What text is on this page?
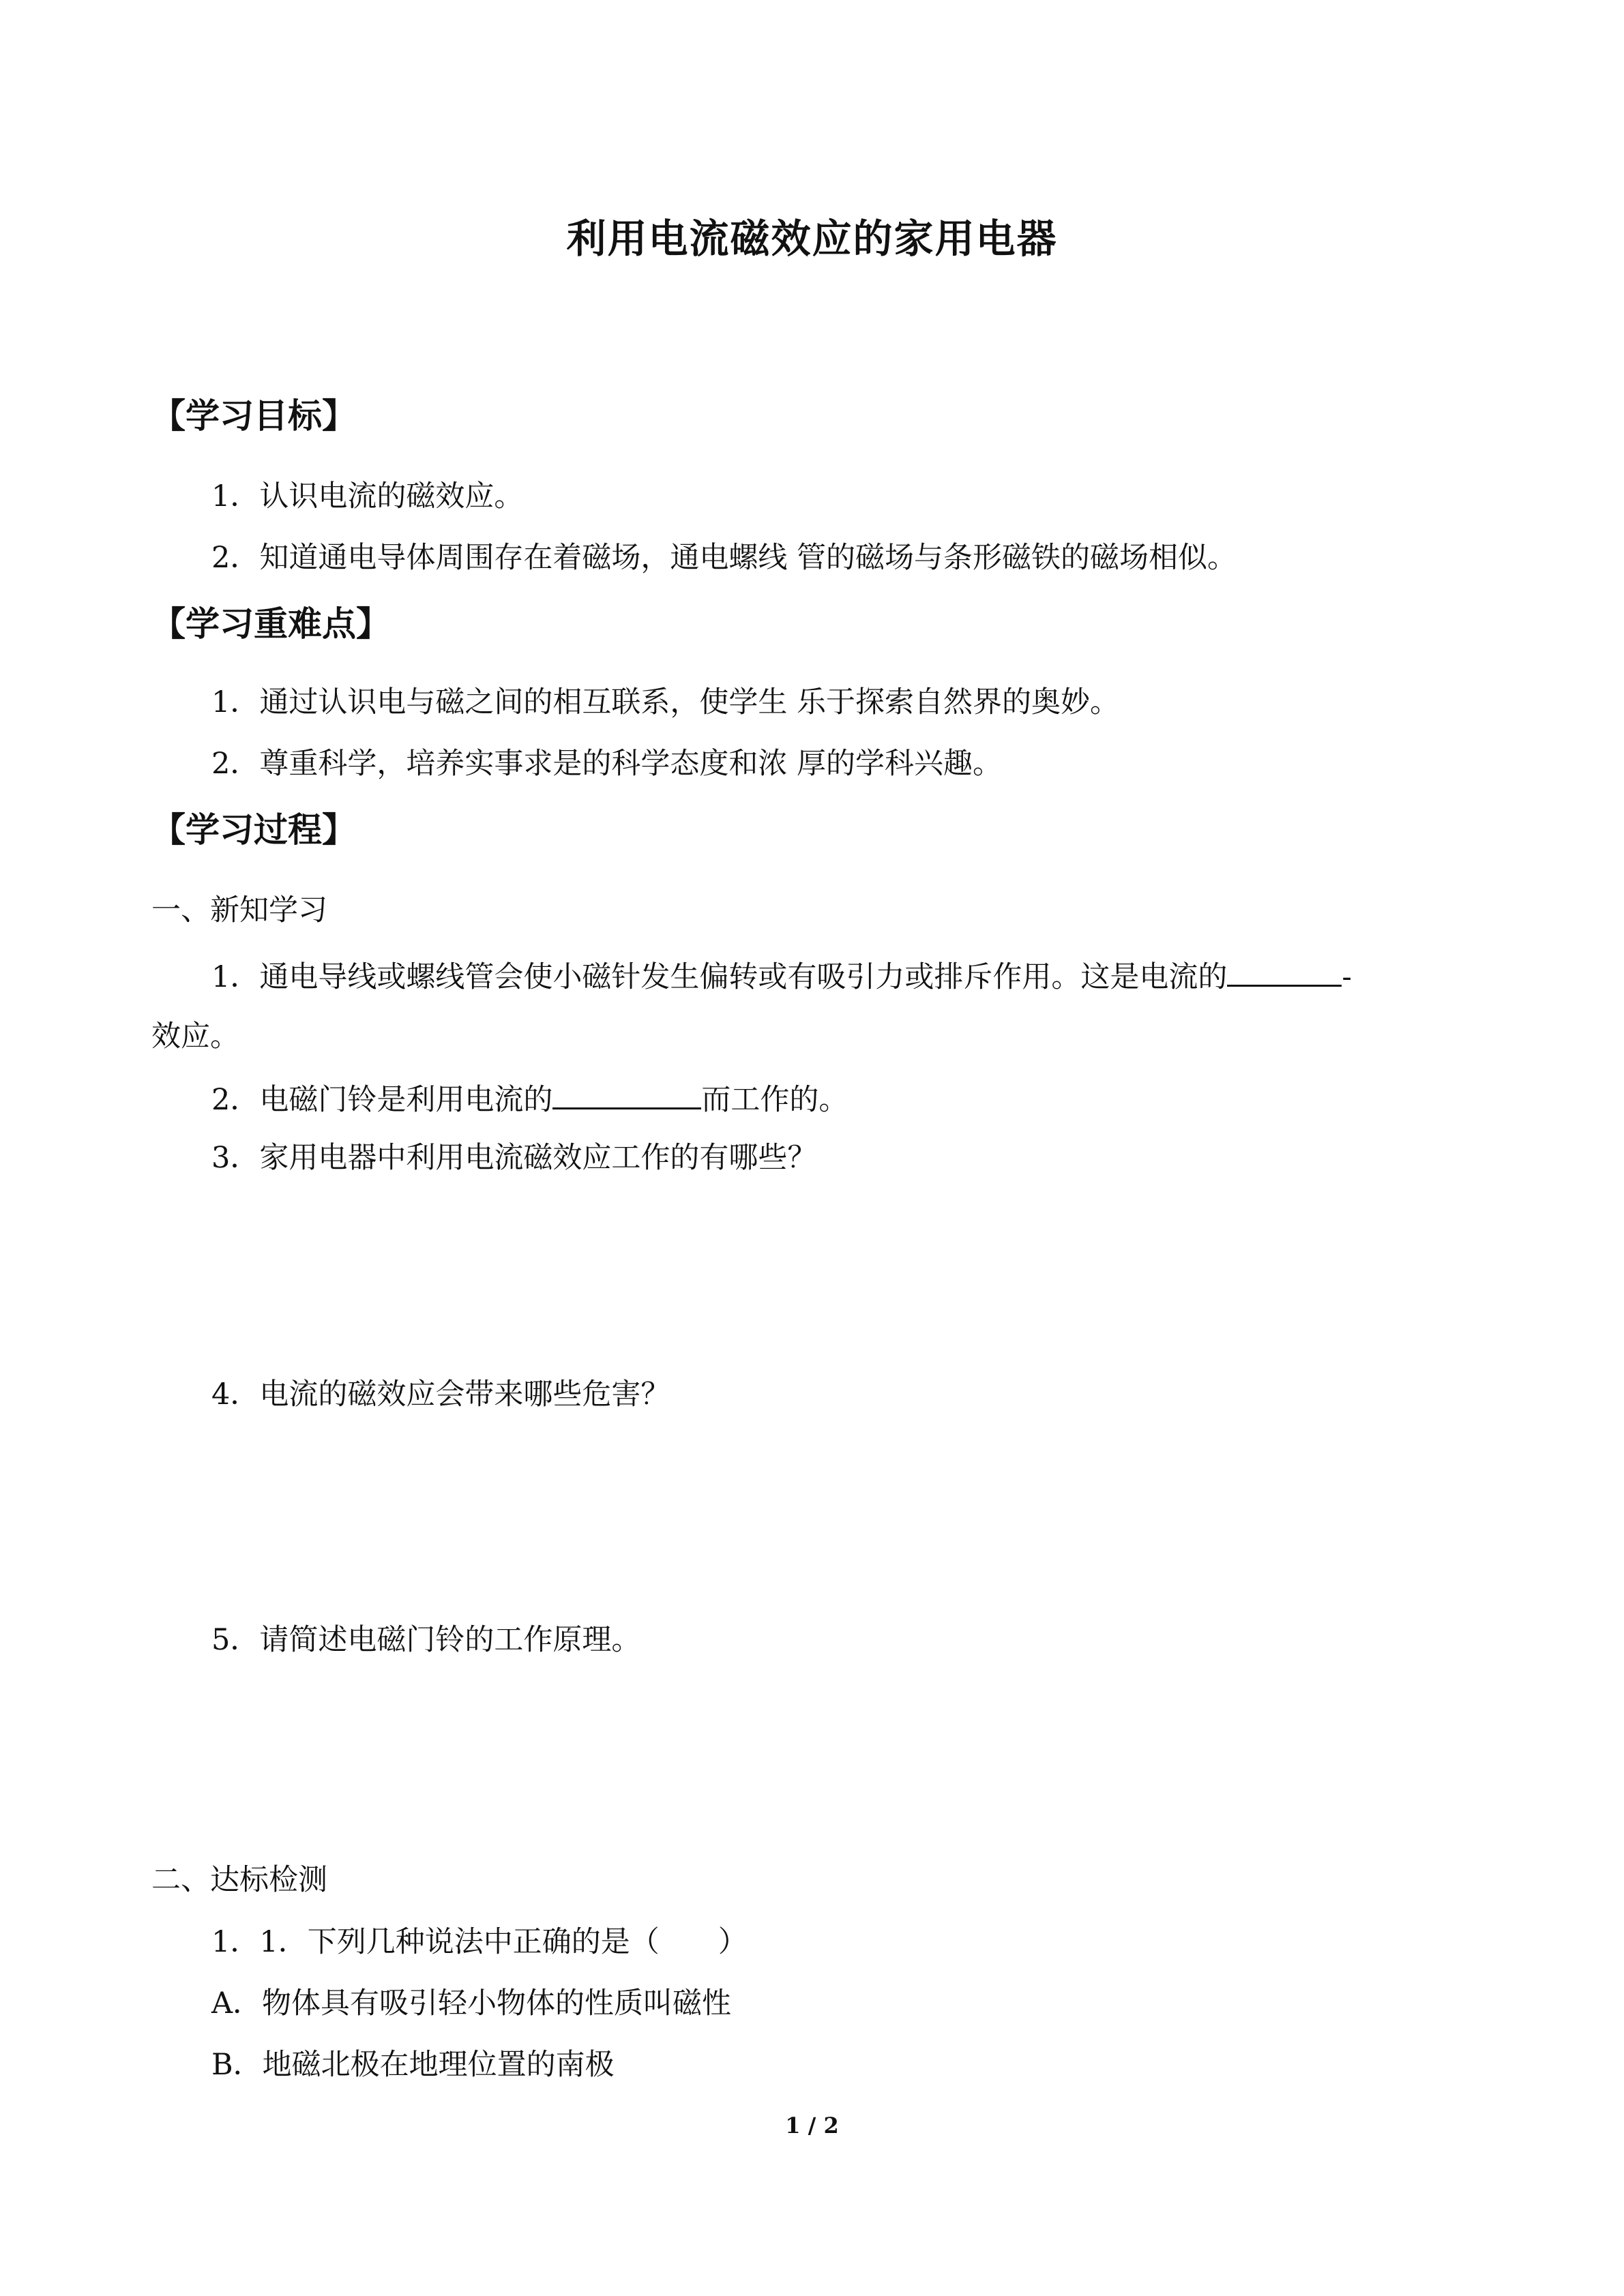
利用电流磁效应的家用电器
【学习目标】
1．认识电流的磁效应。
2．知道通电导体周围存在着磁场，通电螺线 管的磁场与条形磁铁的磁场相似。
【学习重难点】
1．通过认识电与磁之间的相互联系，使学生 乐于探索自然界的奥妙。
2．尊重科学，培养实事求是的科学态度和浓 厚的学科兴趣。
【学习过程】
一、新知学习
1．通电导线或螺线管会使小磁针发生偏转或有吸引力或排斥作用。这是电流的	-
效应。
2．电磁门铃是利用电流的	而工作的。
3．家用电器中利用电流磁效应工作的有哪些？
4．电流的磁效应会带来哪些危害？
5．请简述电磁门铃的工作原理。
二、达标检测
1．1．下列几种说法中正确的是（　　）
A．物体具有吸引轻小物体的性质叫磁性
B．地磁北极在地理位置的南极
1 / 2
